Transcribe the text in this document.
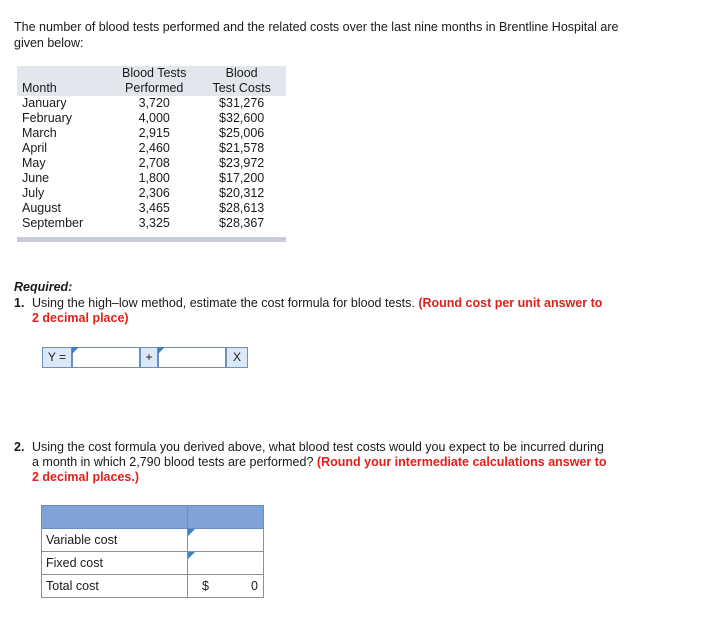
The number of blood tests performed and the related costs over the last nine months in Brentline Hospital are given below:
	Blood Tests	Blood
Month	Performed	Test Costs
January	3,720	$31,276
February	4,000	$32,600
March	2,915	$25,006
April	2,460	$21,578
May	2,708	$23,972
June	1,800	$17,200
July	2,306	$20,312
August	3,465	$28,613
September	3,325	$28,367
Required:
1. Using the high–low method, estimate the cost formula for blood tests. (Round cost per unit answer to
2 decimal place)
Y =	+	X
2. Using the cost formula you derived above, what blood test costs would you expect to be incurred during
a month in which 2,790 blood tests are performed? (Round your intermediate calculations answer to
2 decimal places.)

Variable cost	

Fixed cost	

Total cost	$ 0
